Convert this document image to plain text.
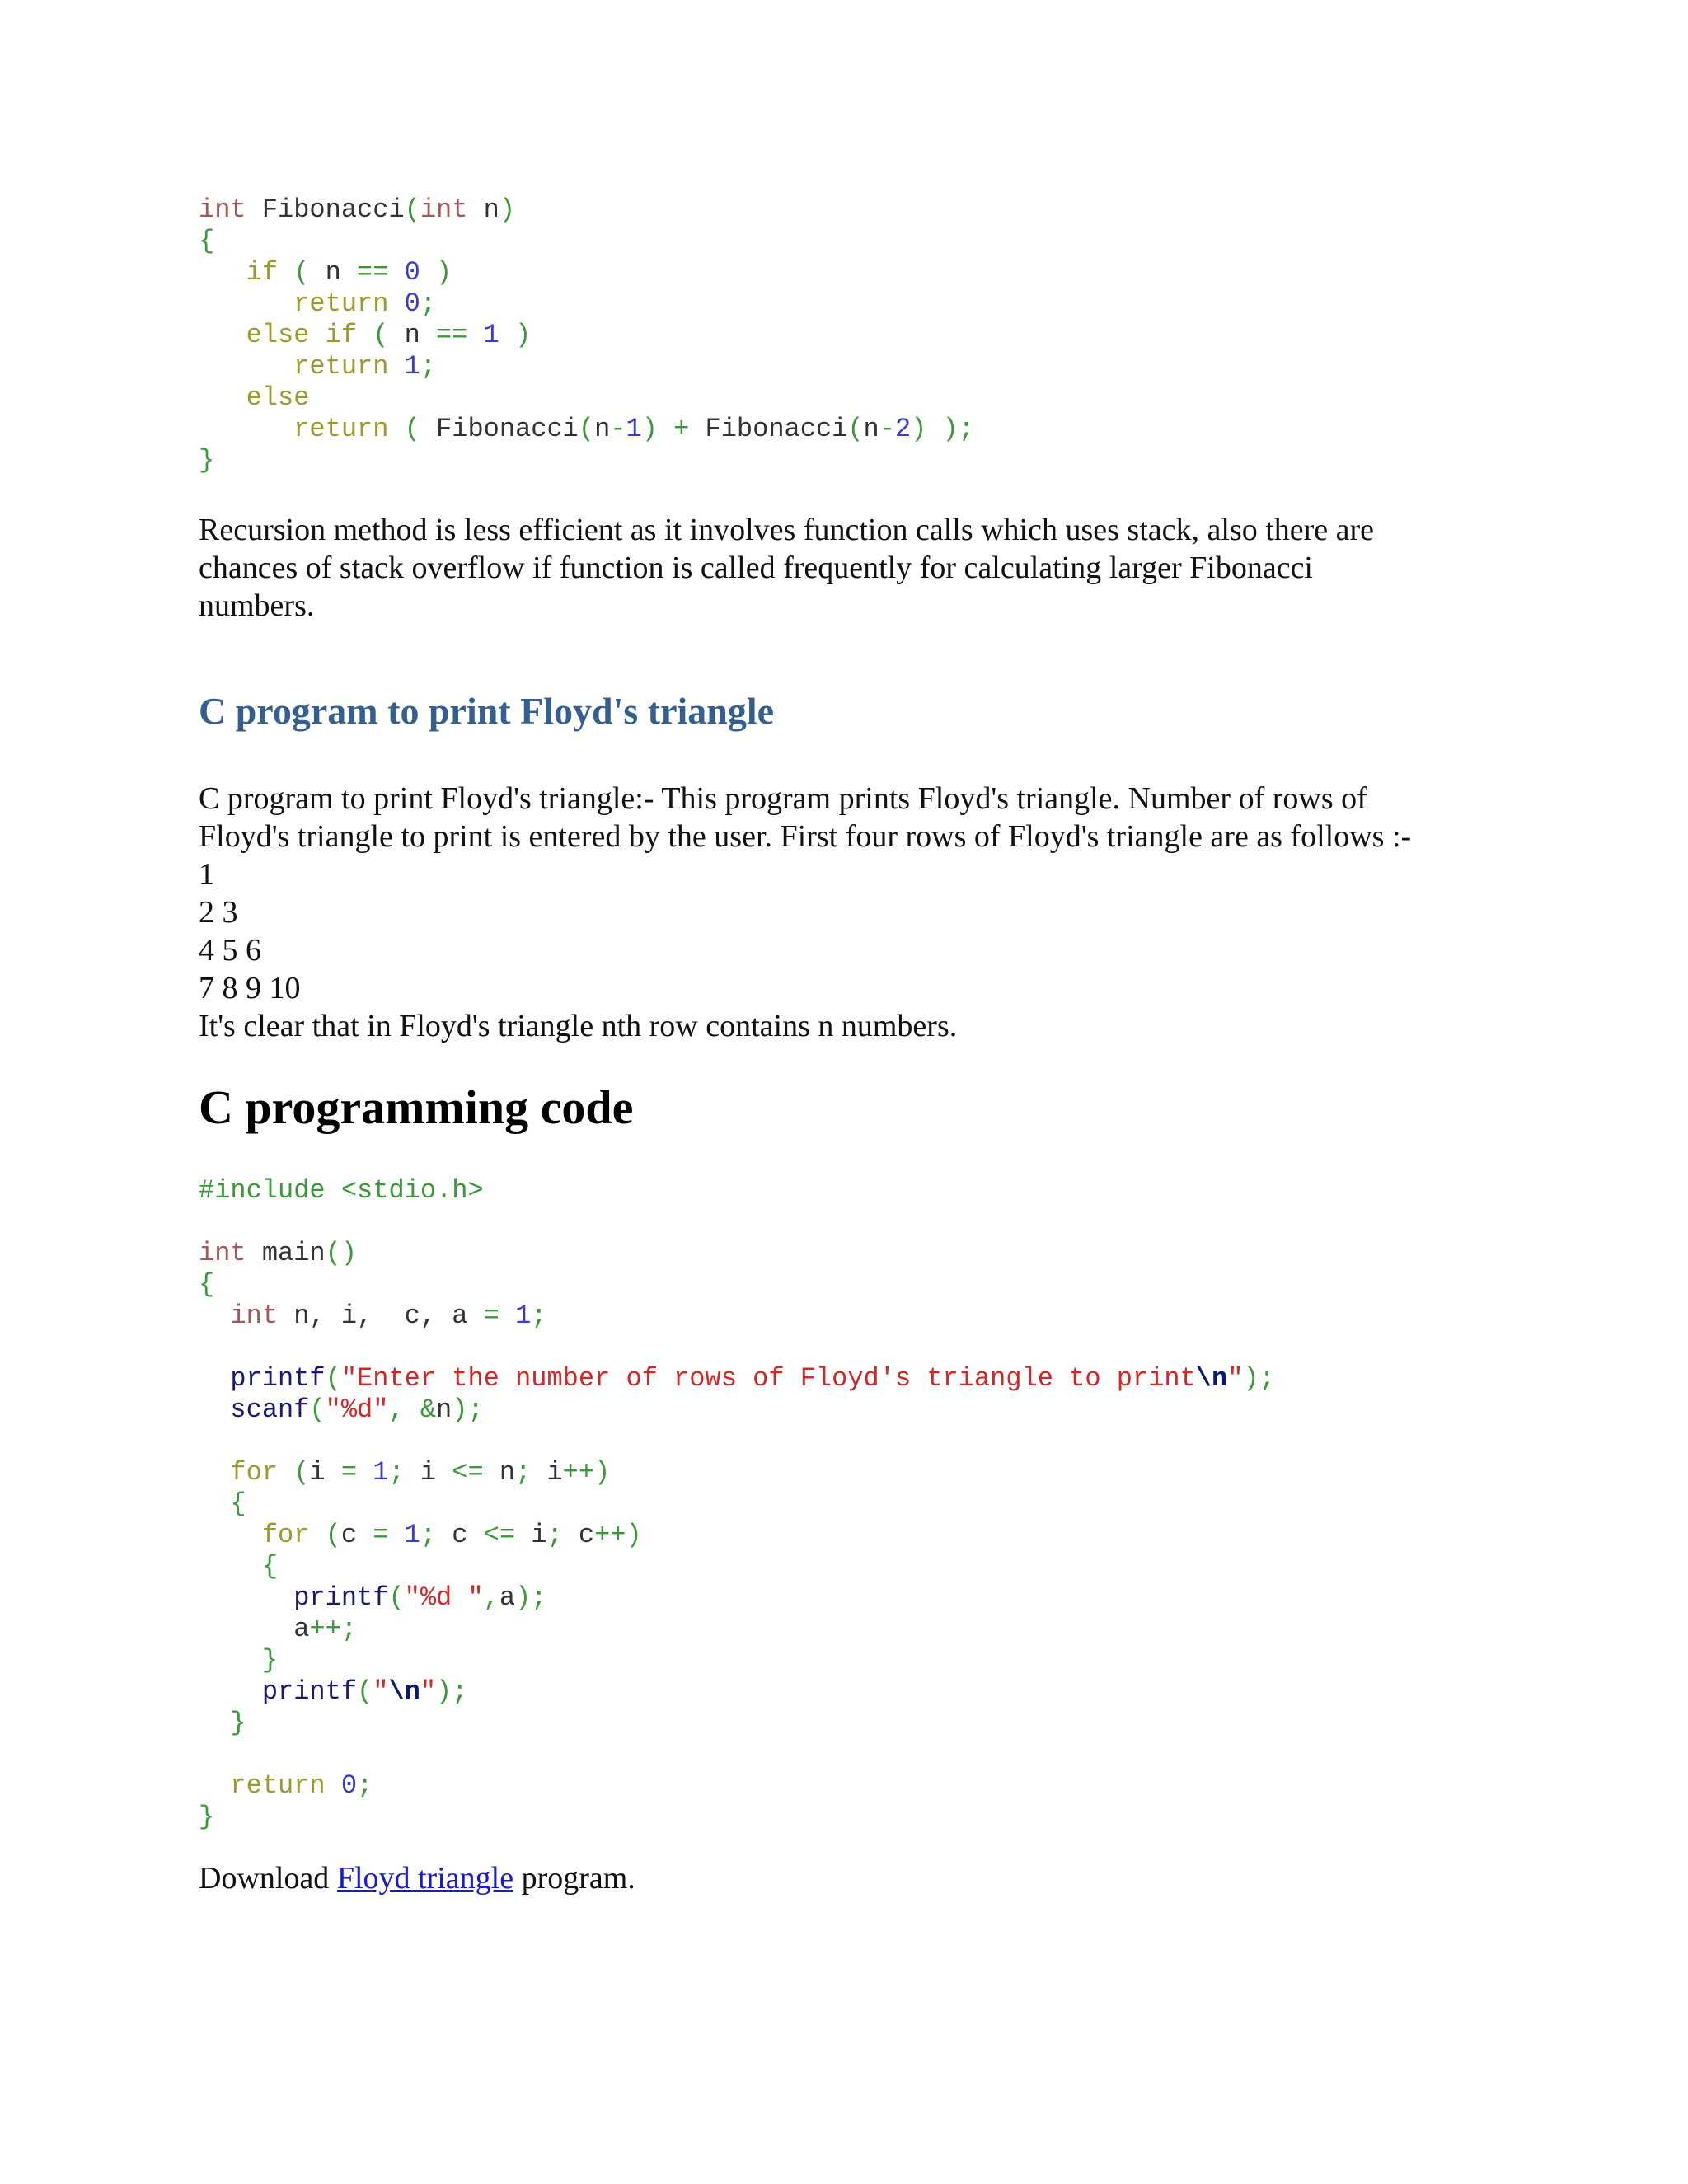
int Fibonacci(int n)
{
if ( n == 0 )
return 0;
else if ( n == 1 )
return 1;
else
return ( Fibonacci(n-1) + Fibonacci(n-2) );
}
Recursion method is less efficient as it involves function calls which uses stack, also there are
chances of stack overflow if function is called frequently for calculating larger Fibonacci
numbers.
C program to print Floyd's triangle
C program to print Floyd's triangle:- This program prints Floyd's triangle. Number of rows of
Floyd's triangle to print is entered by the user. First four rows of Floyd's triangle are as follows :-
1
2 3
4 5 6
7 8 9 10
It's clear that in Floyd's triangle nth row contains n numbers.
C programming code
#include <stdio.h>
int main()
{
int n, i,  c, a = 1;
printf("Enter the number of rows of Floyd's triangle to print\n");
scanf("%d", &n);
for (i = 1; i <= n; i++)
{
for (c = 1; c <= i; c++)
{
printf("%d ",a);
a++;
}
printf("\n");
}
return 0;
}
Download Floyd triangle program.
